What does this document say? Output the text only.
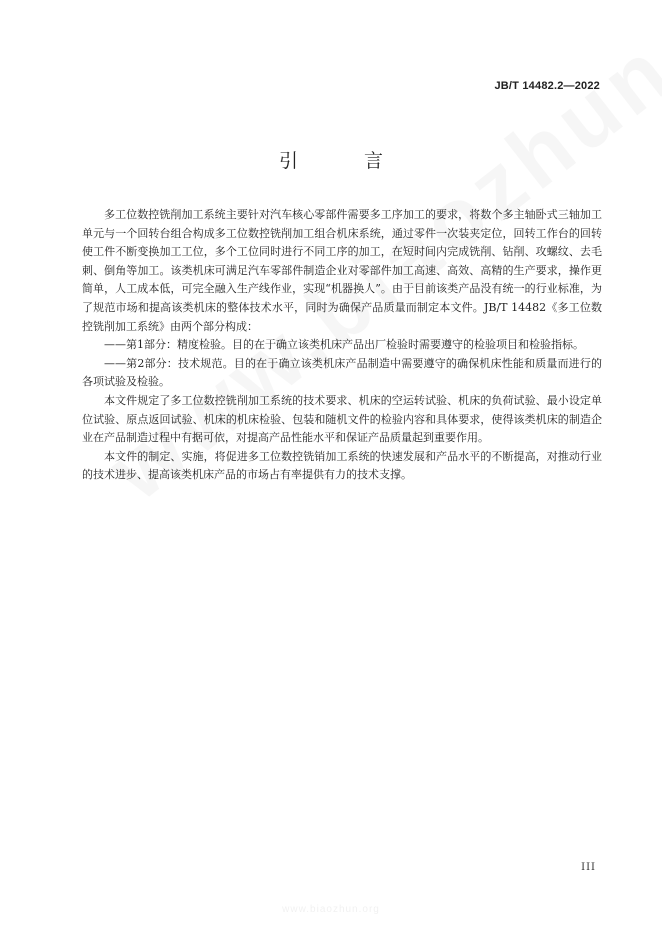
JB/T 14482.2—2022
引 言

多工位数控铣削加工系统主要针对汽车核心零部件需要多工序加工的要求，将数个多主轴卧式三轴加工单元与一个回转台组合构成多工位数控铣削加工组合机床系统，通过零件一次装夹定位，回转工作台的回转使工件不断变换加工工位，多个工位同时进行不同工序的加工，在短时间内完成铣削、钻削、攻螺纹、去毛刺、倒角等加工。该类机床可满足汽车零部件制造企业对零部件加工高速、高效、高精的生产要求，操作更简单，人工成本低，可完全融入生产线作业，实现“机器换人”。由于目前该类产品没有统一的行业标准，为了规范市场和提高该类机床的整体技术水平，同时为确保产品质量而制定本文件。JB/T 14482《多工位数控铣削加工系统》由两个部分构成：

——第1部分：精度检验。目的在于确立该类机床产品出厂检验时需要遵守的检验项目和检验指标。

——第2部分：技术规范。目的在于确立该类机床产品制造中需要遵守的确保机床性能和质量而进行的各项试验及检验。

本文件规定了多工位数控铣削加工系统的技术要求、机床的空运转试验、机床的负荷试验、最小设定单位试验、原点返回试验、机床的机床检验、包装和随机文件的检验内容和具体要求，使得该类机床的制造企业在产品制造过程中有据可依，对提高产品性能水平和保证产品质量起到重要作用。

本文件的制定、实施，将促进多工位数控铣销加工系统的快速发展和产品水平的不断提高，对推动行业的技术进步、提高该类机床产品的市场占有率提供有力的技术支撑。

III
www.biaozhun.org
